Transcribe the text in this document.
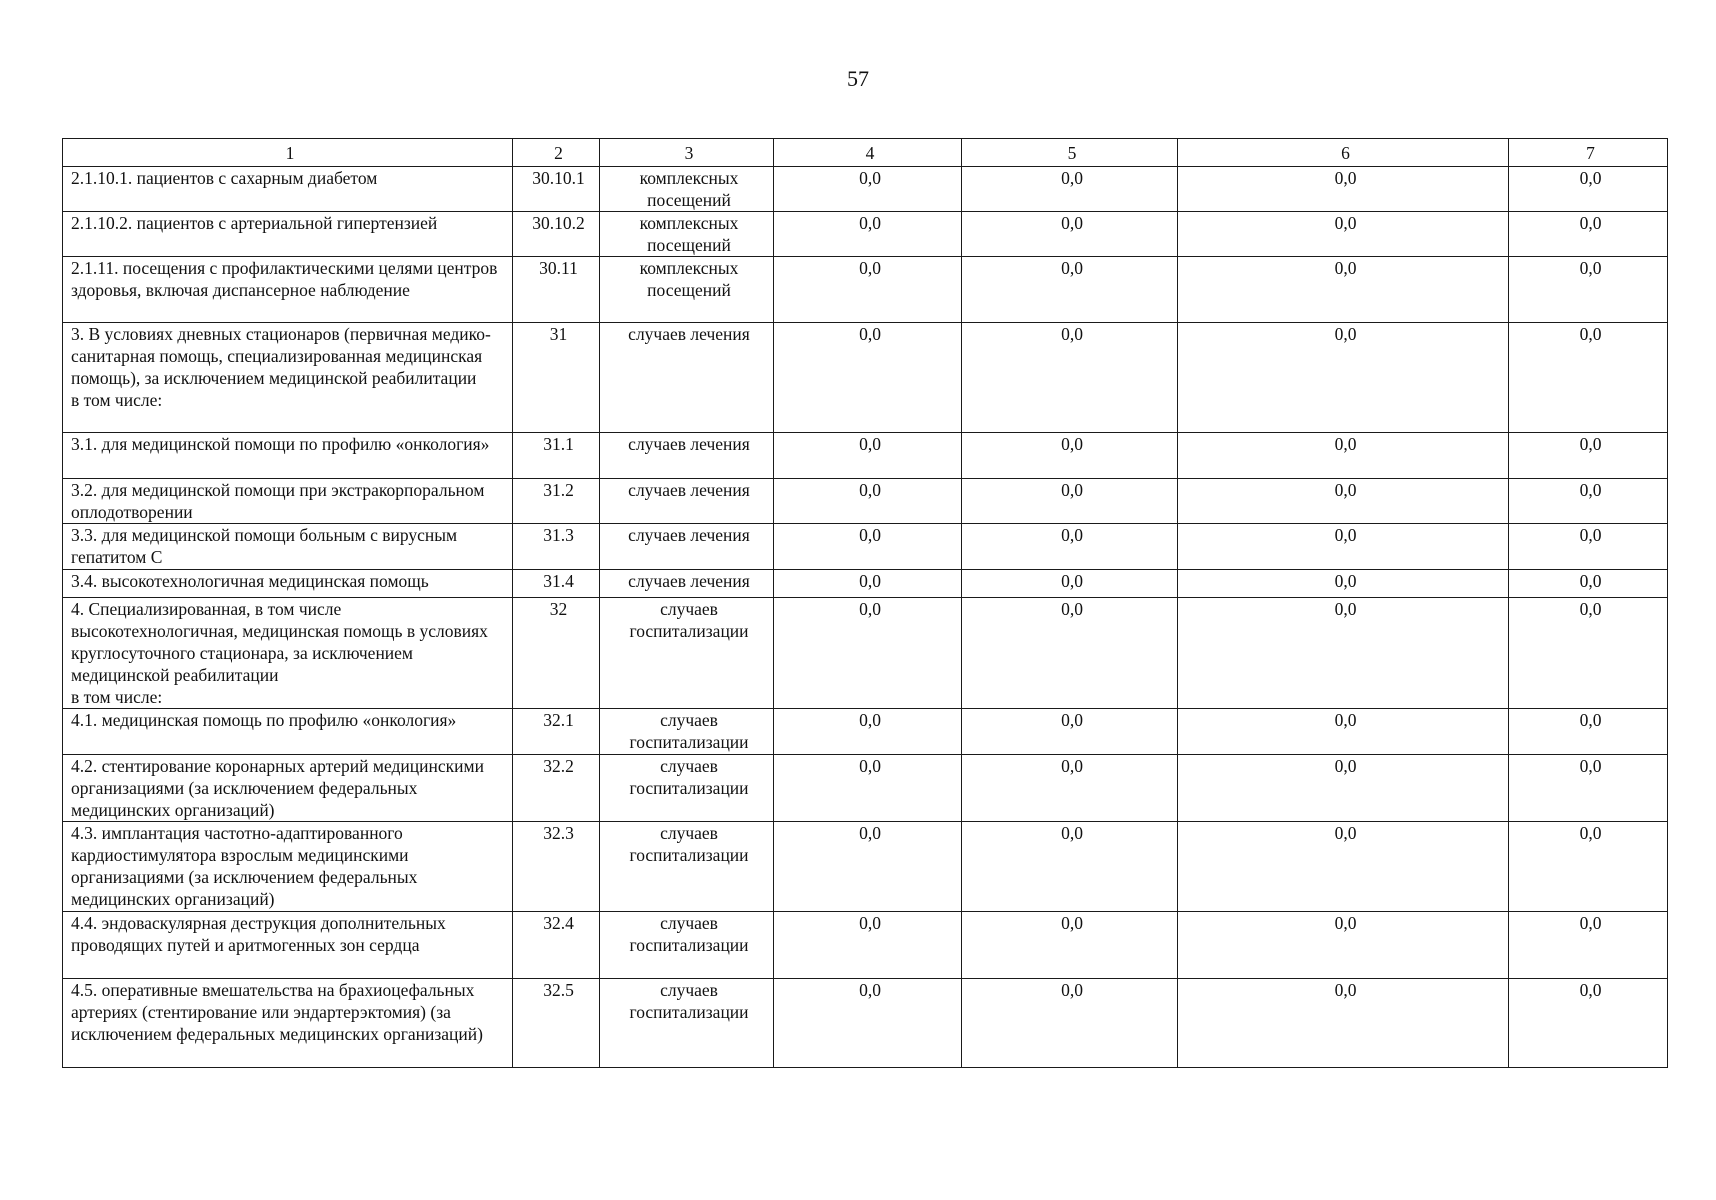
57
1	2	3	4	5	6	7
2.1.10.1. пациентов с сахарным диабетом	30.10.1	комплексных посещений	0,0	0,0	0,0	0,0
2.1.10.2. пациентов с артериальной гипертензией	30.10.2	комплексных посещений	0,0	0,0	0,0	0,0
2.1.11. посещения с профилактическими целями центров здоровья, включая диспансерное наблюдение	30.11	комплексных посещений	0,0	0,0	0,0	0,0
3. В условиях дневных стационаров (первичная медико-санитарная помощь, специализированная медицинская помощь), за исключением медицинской реабилитации
в том числе:	31	случаев лечения	0,0	0,0	0,0	0,0
3.1. для медицинской помощи по профилю «онкология»	31.1	случаев лечения	0,0	0,0	0,0	0,0
3.2. для медицинской помощи при экстракорпоральном оплодотворении	31.2	случаев лечения	0,0	0,0	0,0	0,0
3.3. для медицинской помощи больным с вирусным гепатитом С	31.3	случаев лечения	0,0	0,0	0,0	0,0
3.4. высокотехнологичная медицинская помощь	31.4	случаев лечения	0,0	0,0	0,0	0,0
4. Специализированная, в том числе высокотехнологичная, медицинская помощь в условиях круглосуточного стационара, за исключением медицинской реабилитации
в том числе:	32	случаев госпитализации	0,0	0,0	0,0	0,0
4.1. медицинская помощь по профилю «онкология»	32.1	случаев госпитализации	0,0	0,0	0,0	0,0
4.2. стентирование коронарных артерий медицинскими организациями (за исключением федеральных медицинских организаций)	32.2	случаев госпитализации	0,0	0,0	0,0	0,0
4.3. имплантация частотно-адаптированного кардиостимулятора взрослым медицинскими организациями (за исключением федеральных медицинских организаций)	32.3	случаев госпитализации	0,0	0,0	0,0	0,0
4.4. эндоваскулярная деструкция дополнительных проводящих путей и аритмогенных зон сердца	32.4	случаев госпитализации	0,0	0,0	0,0	0,0
4.5. оперативные вмешательства на брахиоцефальных артериях (стентирование или эндартерэктомия) (за исключением федеральных медицинских организаций)	32.5	случаев госпитализации	0,0	0,0	0,0	0,0
